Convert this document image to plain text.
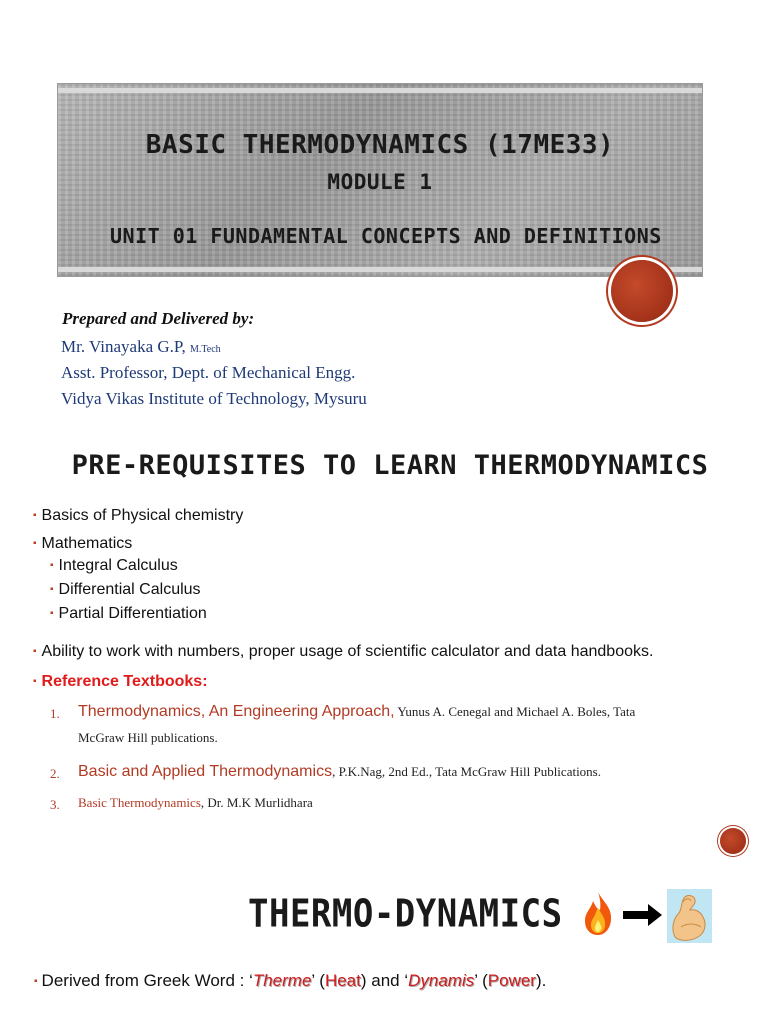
BASIC THERMODYNAMICS (17ME33)
MODULE 1
UNIT 01 FUNDAMENTAL CONCEPTS AND DEFINITIONS
Prepared and Delivered by:
Mr. Vinayaka G.P, M.Tech
Asst. Professor, Dept. of Mechanical Engg.
Vidya Vikas Institute of Technology, Mysuru
PRE-REQUISITES TO LEARN THERMODYNAMICS
▪ Basics of Physical chemistry
▪ Mathematics
▪ Integral Calculus
▪ Differential Calculus
▪ Partial Differentiation
▪ Ability to work with numbers, proper usage of scientific calculator and data handbooks.
▪ Reference Textbooks:
1. Thermodynamics, An Engineering Approach, Yunus A. Cenegal and Michael A. Boles, Tata
McGraw Hill publications.
2. Basic and Applied Thermodynamics, P.K.Nag, 2nd Ed., Tata McGraw Hill Publications.
3. Basic Thermodynamics, Dr. M.K Murlidhara
THERMO-DYNAMICS
▪ Derived from Greek Word : ‘Therme’ (Heat) and ‘Dynamis’ (Power).
